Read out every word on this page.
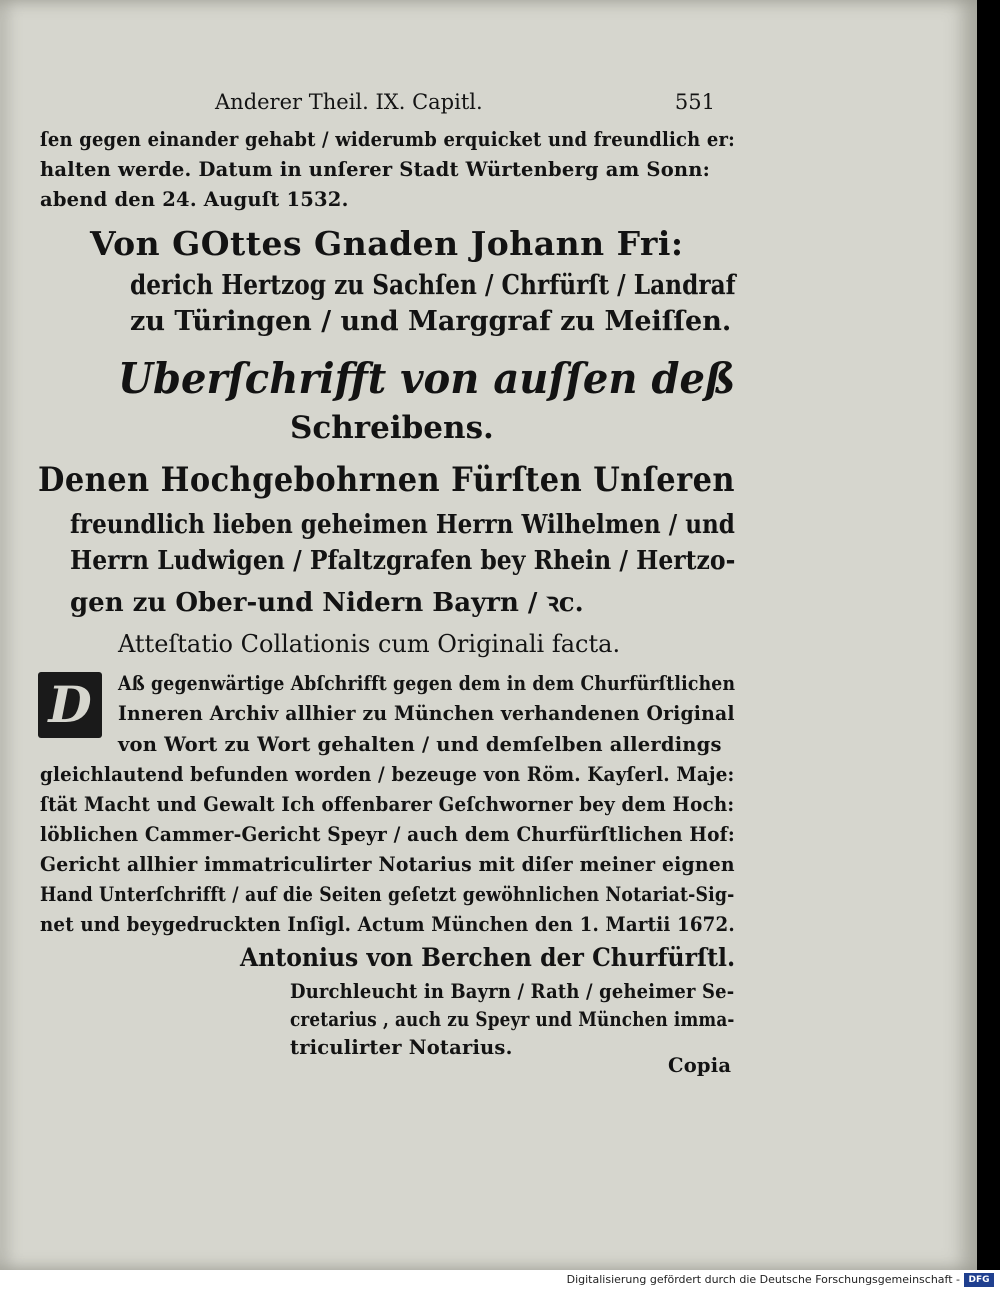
Anderer Theil. IX. Capitl.	551
ſen gegen einander gehabt / widerumb erquicket und freundlich er:
halten werde. Datum in unſerer Stadt Würtenberg am Sonn:
abend den 24. Auguſt 1532.
Von GOttes Gnaden Johann Fri:
derich Hertzog zu Sachſen / Chrfürſt / Landraf
zu Türingen / und Marggraf zu Meiſſen.
Uberſchrifft von auſſen deß
Schreibens.
Denen Hochgebohrnen Fürſten Unſeren
freundlich lieben geheimen Herrn Wilhelmen / und
Herrn Ludwigen / Pfaltzgrafen bey Rhein / Hertzo-
gen zu Ober-und Nidern Bayrn / ꝛc.
Atteſtatio Collationis cum Originali facta.
D	Aß gegenwärtige Abſchrifft gegen dem in dem Churfürſtlichen
Inneren Archiv allhier zu München verhandenen Original
von Wort zu Wort gehalten / und demſelben allerdings
gleichlautend befunden worden / bezeuge von Röm. Kayſerl. Maje:
ſtät Macht und Gewalt Ich offenbarer Geſchworner bey dem Hoch:
löblichen Cammer-Gericht Speyr / auch dem Churfürſtlichen Hof:
Gericht allhier immatriculirter Notarius mit diſer meiner eignen
Hand Unterſchrifft / auf die Seiten geſetzt gewöhnlichen Notariat-Sig-
net und beygedruckten Inſigl. Actum München den 1. Martii 1672.
Antonius von Berchen der Churfürſtl.
Durchleucht in Bayrn / Rath / geheimer Se-
cretarius , auch zu Speyr und München imma-
triculirter Notarius.
Copia
Digitalisierung gefördert durch die Deutsche Forschungsgemeinschaft - DFG
